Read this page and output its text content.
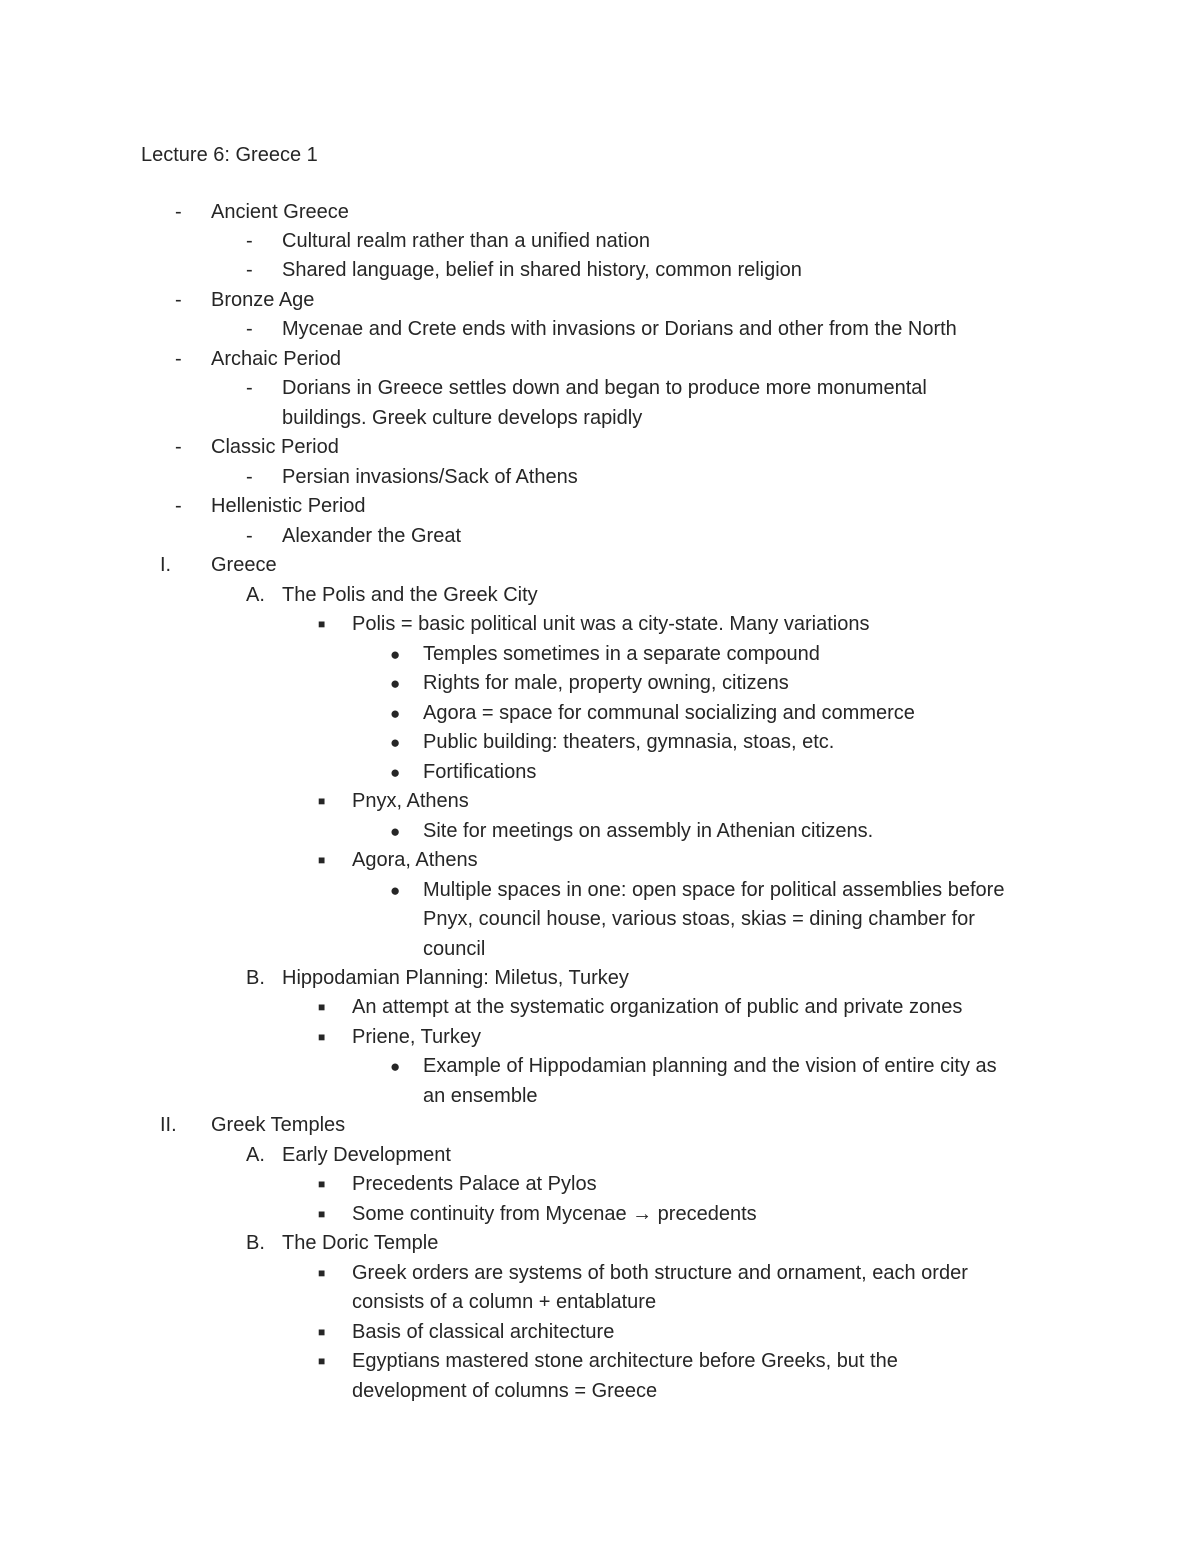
Lecture 6: Greece 1
- Ancient Greece
- Cultural realm rather than a unified nation
- Shared language, belief in shared history, common religion
- Bronze Age
- Mycenae and Crete ends with invasions or Dorians and other from the North
- Archaic Period
- Dorians in Greece settles down and began to produce more monumental
buildings. Greek culture develops rapidly
- Classic Period
- Persian invasions/Sack of Athens
- Hellenistic Period
- Alexander the Great
I. Greece
A. The Polis and the Greek City
■ Polis = basic political unit was a city-state. Many variations
● Temples sometimes in a separate compound
● Rights for male, property owning, citizens
● Agora = space for communal socializing and commerce
● Public building: theaters, gymnasia, stoas, etc.
● Fortifications
■ Pnyx, Athens
● Site for meetings on assembly in Athenian citizens.
■ Agora, Athens
● Multiple spaces in one: open space for political assemblies before
Pnyx, council house, various stoas, skias = dining chamber for
council
B. Hippodamian Planning: Miletus, Turkey
■ An attempt at the systematic organization of public and private zones
■ Priene, Turkey
● Example of Hippodamian planning and the vision of entire city as
an ensemble
II. Greek Temples
A. Early Development
■ Precedents Palace at Pylos
■ Some continuity from Mycenae → precedents
B. The Doric Temple
■ Greek orders are systems of both structure and ornament, each order
consists of a column + entablature
■ Basis of classical architecture
■ Egyptians mastered stone architecture before Greeks, but the
development of columns = Greece
